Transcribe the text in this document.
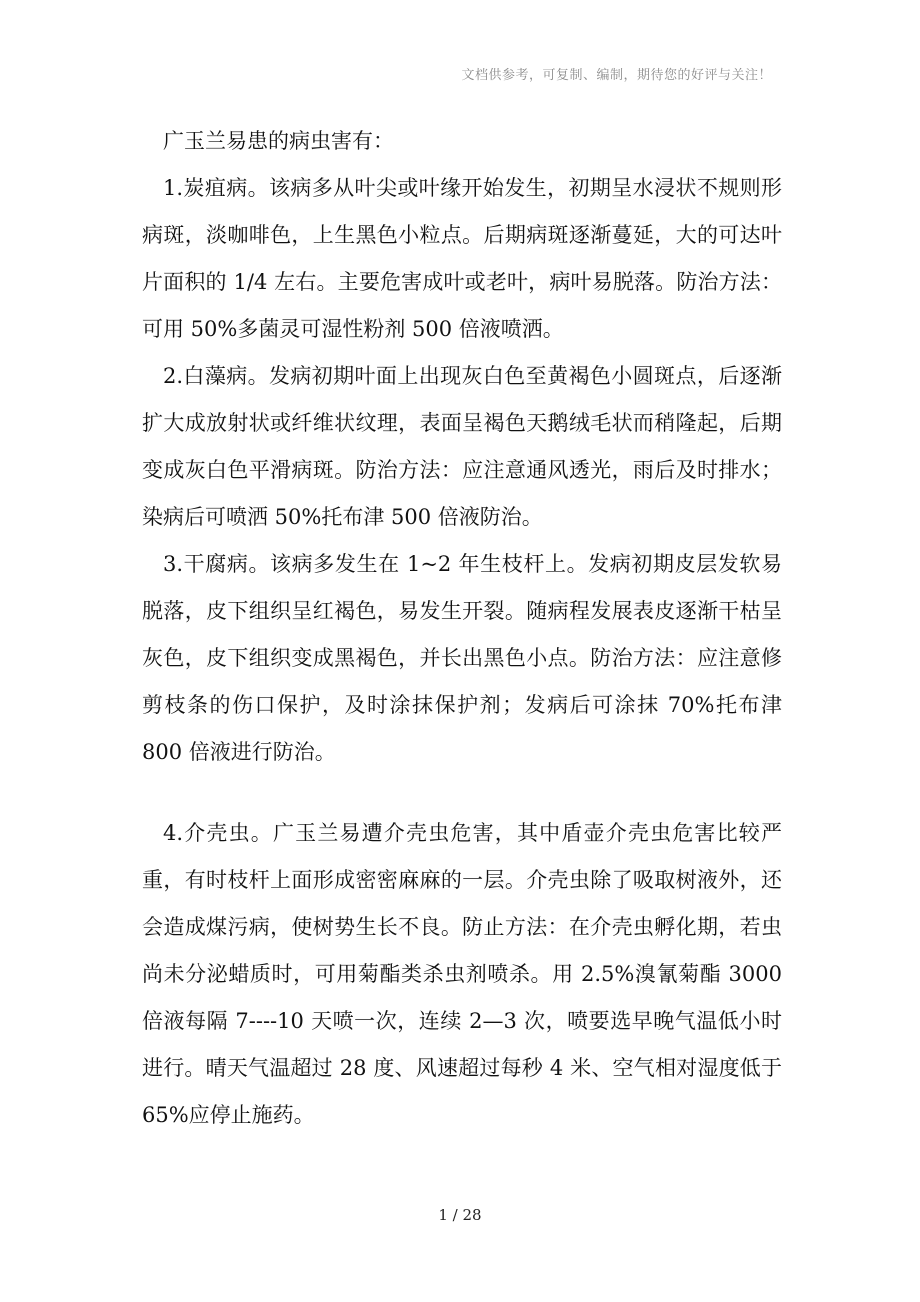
文档供参考，可复制、编制，期待您的好评与关注！

广玉兰易患的病虫害有：

1.炭疽病。该病多从叶尖或叶缘开始发生，初期呈水浸状不规则形病斑，淡咖啡色，上生黑色小粒点。后期病斑逐渐蔓延，大的可达叶片面积的 1/4 左右。主要危害成叶或老叶，病叶易脱落。防治方法：可用 50%多菌灵可湿性粉剂 500 倍液喷洒。

2.白藻病。发病初期叶面上出现灰白色至黄褐色小圆斑点，后逐渐扩大成放射状或纤维状纹理，表面呈褐色天鹅绒毛状而稍隆起，后期变成灰白色平滑病斑。防治方法：应注意通风透光，雨后及时排水；染病后可喷洒 50%托布津 500 倍液防治。

3.干腐病。该病多发生在 1~2 年生枝杆上。发病初期皮层发软易脱落，皮下组织呈红褐色，易发生开裂。随病程发展表皮逐渐干枯呈灰色，皮下组织变成黑褐色，并长出黑色小点。防治方法：应注意修剪枝条的伤口保护，及时涂抹保护剂；发病后可涂抹 70%托布津 800 倍液进行防治。

4.介壳虫。广玉兰易遭介壳虫危害，其中盾壶介壳虫危害比较严重，有时枝杆上面形成密密麻麻的一层。介壳虫除了吸取树液外，还会造成煤污病，使树势生长不良。防止方法：在介壳虫孵化期，若虫尚未分泌蜡质时，可用菊酯类杀虫剂喷杀。用 2.5%溴氰菊酯 3000 倍液每隔 7----10 天喷一次，连续 2—3 次，喷要选早晚气温低小时进行。晴天气温超过 28 度、风速超过每秒 4 米、空气相对湿度低于 65%应停止施药。

1 / 28
